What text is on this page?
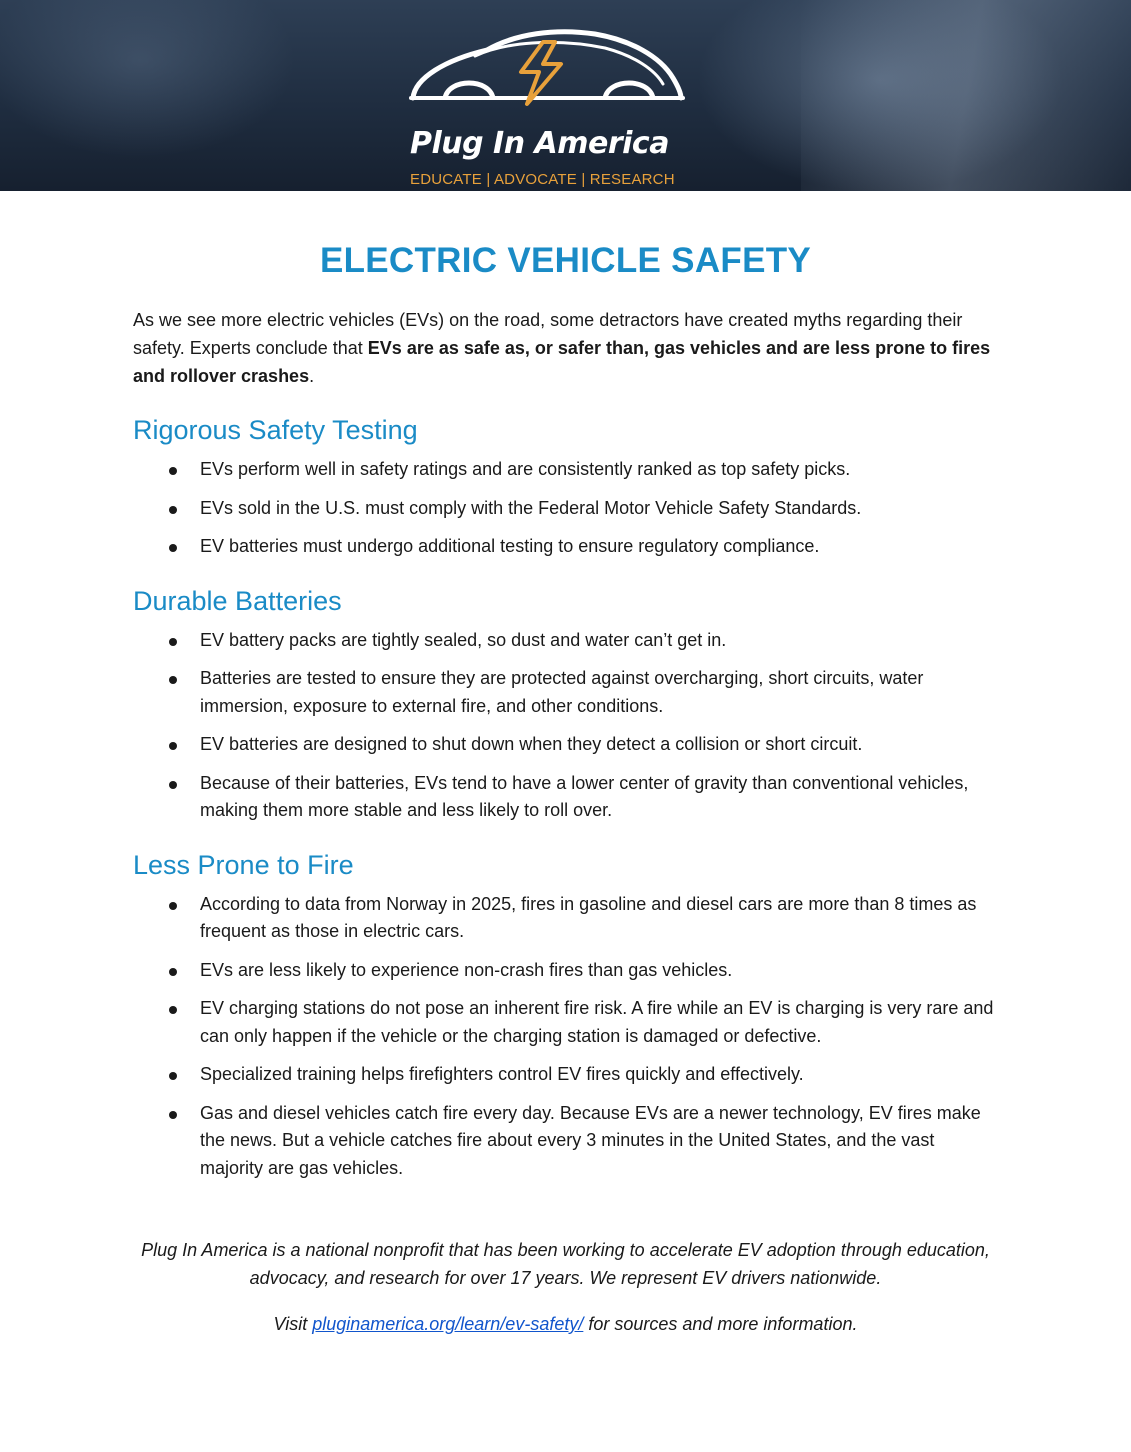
Plug In America
EDUCATE | ADVOCATE | RESEARCH
ELECTRIC VEHICLE SAFETY

As we see more electric vehicles (EVs) on the road, some detractors have created myths regarding their safety. Experts conclude that EVs are as safe as, or safer than, gas vehicles and are less prone to fires and rollover crashes.

Rigorous Safety Testing
EVs perform well in safety ratings and are consistently ranked as top safety picks.
EVs sold in the U.S. must comply with the Federal Motor Vehicle Safety Standards.
EV batteries must undergo additional testing to ensure regulatory compliance.
Durable Batteries
EV battery packs are tightly sealed, so dust and water can’t get in.
Batteries are tested to ensure they are protected against overcharging, short circuits, water immersion, exposure to external fire, and other conditions.
EV batteries are designed to shut down when they detect a collision or short circuit.
Because of their batteries, EVs tend to have a lower center of gravity than conventional vehicles, making them more stable and less likely to roll over.
Less Prone to Fire
According to data from Norway in 2025, fires in gasoline and diesel cars are more than 8 times as frequent as those in electric cars.
EVs are less likely to experience non-crash fires than gas vehicles.
EV charging stations do not pose an inherent fire risk. A fire while an EV is charging is very rare and can only happen if the vehicle or the charging station is damaged or defective.
Specialized training helps firefighters control EV fires quickly and effectively.
Gas and diesel vehicles catch fire every day. Because EVs are a newer technology, EV fires make the news. But a vehicle catches fire about every 3 minutes in the United States, and the vast majority are gas vehicles.

Plug In America is a national nonprofit that has been working to accelerate EV adoption through education, advocacy, and research for over 17 years. We represent EV drivers nationwide.

Visit pluginamerica.org/learn/ev-safety/ for sources and more information.
